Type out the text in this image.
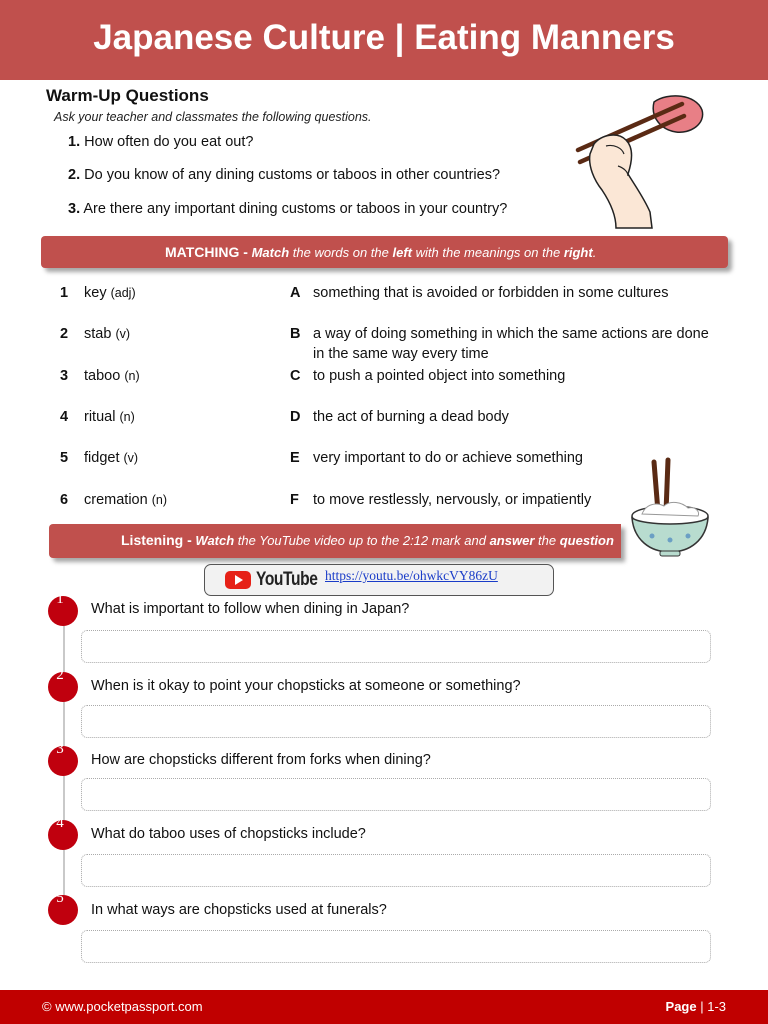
Japanese Culture | Eating Manners
Warm-Up Questions
Ask your teacher and classmates the following questions.
1. How often do you eat out?
2. Do you know of any dining customs or taboos in other countries?
3. Are there any important dining customs or taboos in your country?
MATCHING - Match the words on the left with the meanings on the right.
1 key (adj)
2 stab (v)
3 taboo (n)
4 ritual (n)
5 fidget (v)
6 cremation (n)
A something that is avoided or forbidden in some cultures
B a way of doing something in which the same actions are done in the same way every time
C to push a pointed object into something
D the act of burning a dead body
E very important to do or achieve something
F to move restlessly, nervously, or impatiently
Listening - Watch the YouTube video up to the 2:12 mark and answer the question
YouTube https://youtu.be/ohwkcVY86zU
1
What is important to follow when dining in Japan?
2
When is it okay to point your chopsticks at someone or something?
3
How are chopsticks different from forks when dining?
4
What do taboo uses of chopsticks include?
5
In what ways are chopsticks used at funerals?
© www.pocketpassport.com	Page | 1-3
